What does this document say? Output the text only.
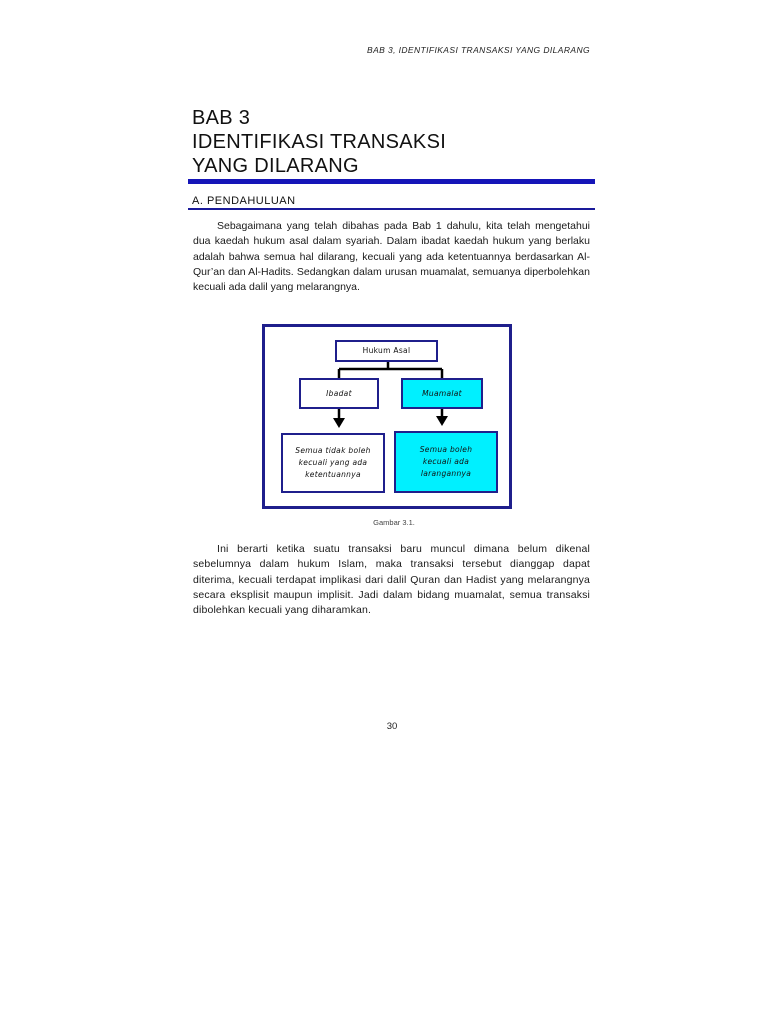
BAB 3, IDENTIFIKASI TRANSAKSI YANG DILARANG
BAB 3
IDENTIFIKASI TRANSAKSI
YANG DILARANG
A. PENDAHULUAN

Sebagaimana yang telah dibahas pada Bab 1 dahulu, kita telah mengetahui dua kaedah hukum asal dalam syariah. Dalam ibadat kaedah hukum yang berlaku adalah bahwa semua hal dilarang, kecuali yang ada ketentuannya berdasarkan Al-Qur’an dan Al-Hadits. Sedangkan dalam urusan muamalat, semuanya diperbolehkan kecuali ada dalil yang melarangnya.

Hukum Asal
Ibadat	Muamalat
Semua tidak boleh kecuali yang ada ketentuannya
Semua boleh kecuali ada larangannya
Gambar 3.1.

Ini berarti ketika suatu transaksi baru muncul dimana belum dikenal sebelumnya dalam hukum Islam, maka transaksi tersebut dianggap dapat diterima, kecuali terdapat implikasi dari dalil Quran dan Hadist yang melarangnya secara eksplisit maupun implisit. Jadi dalam bidang muamalat, semua transaksi dibolehkan kecuali yang diharamkan.

30
